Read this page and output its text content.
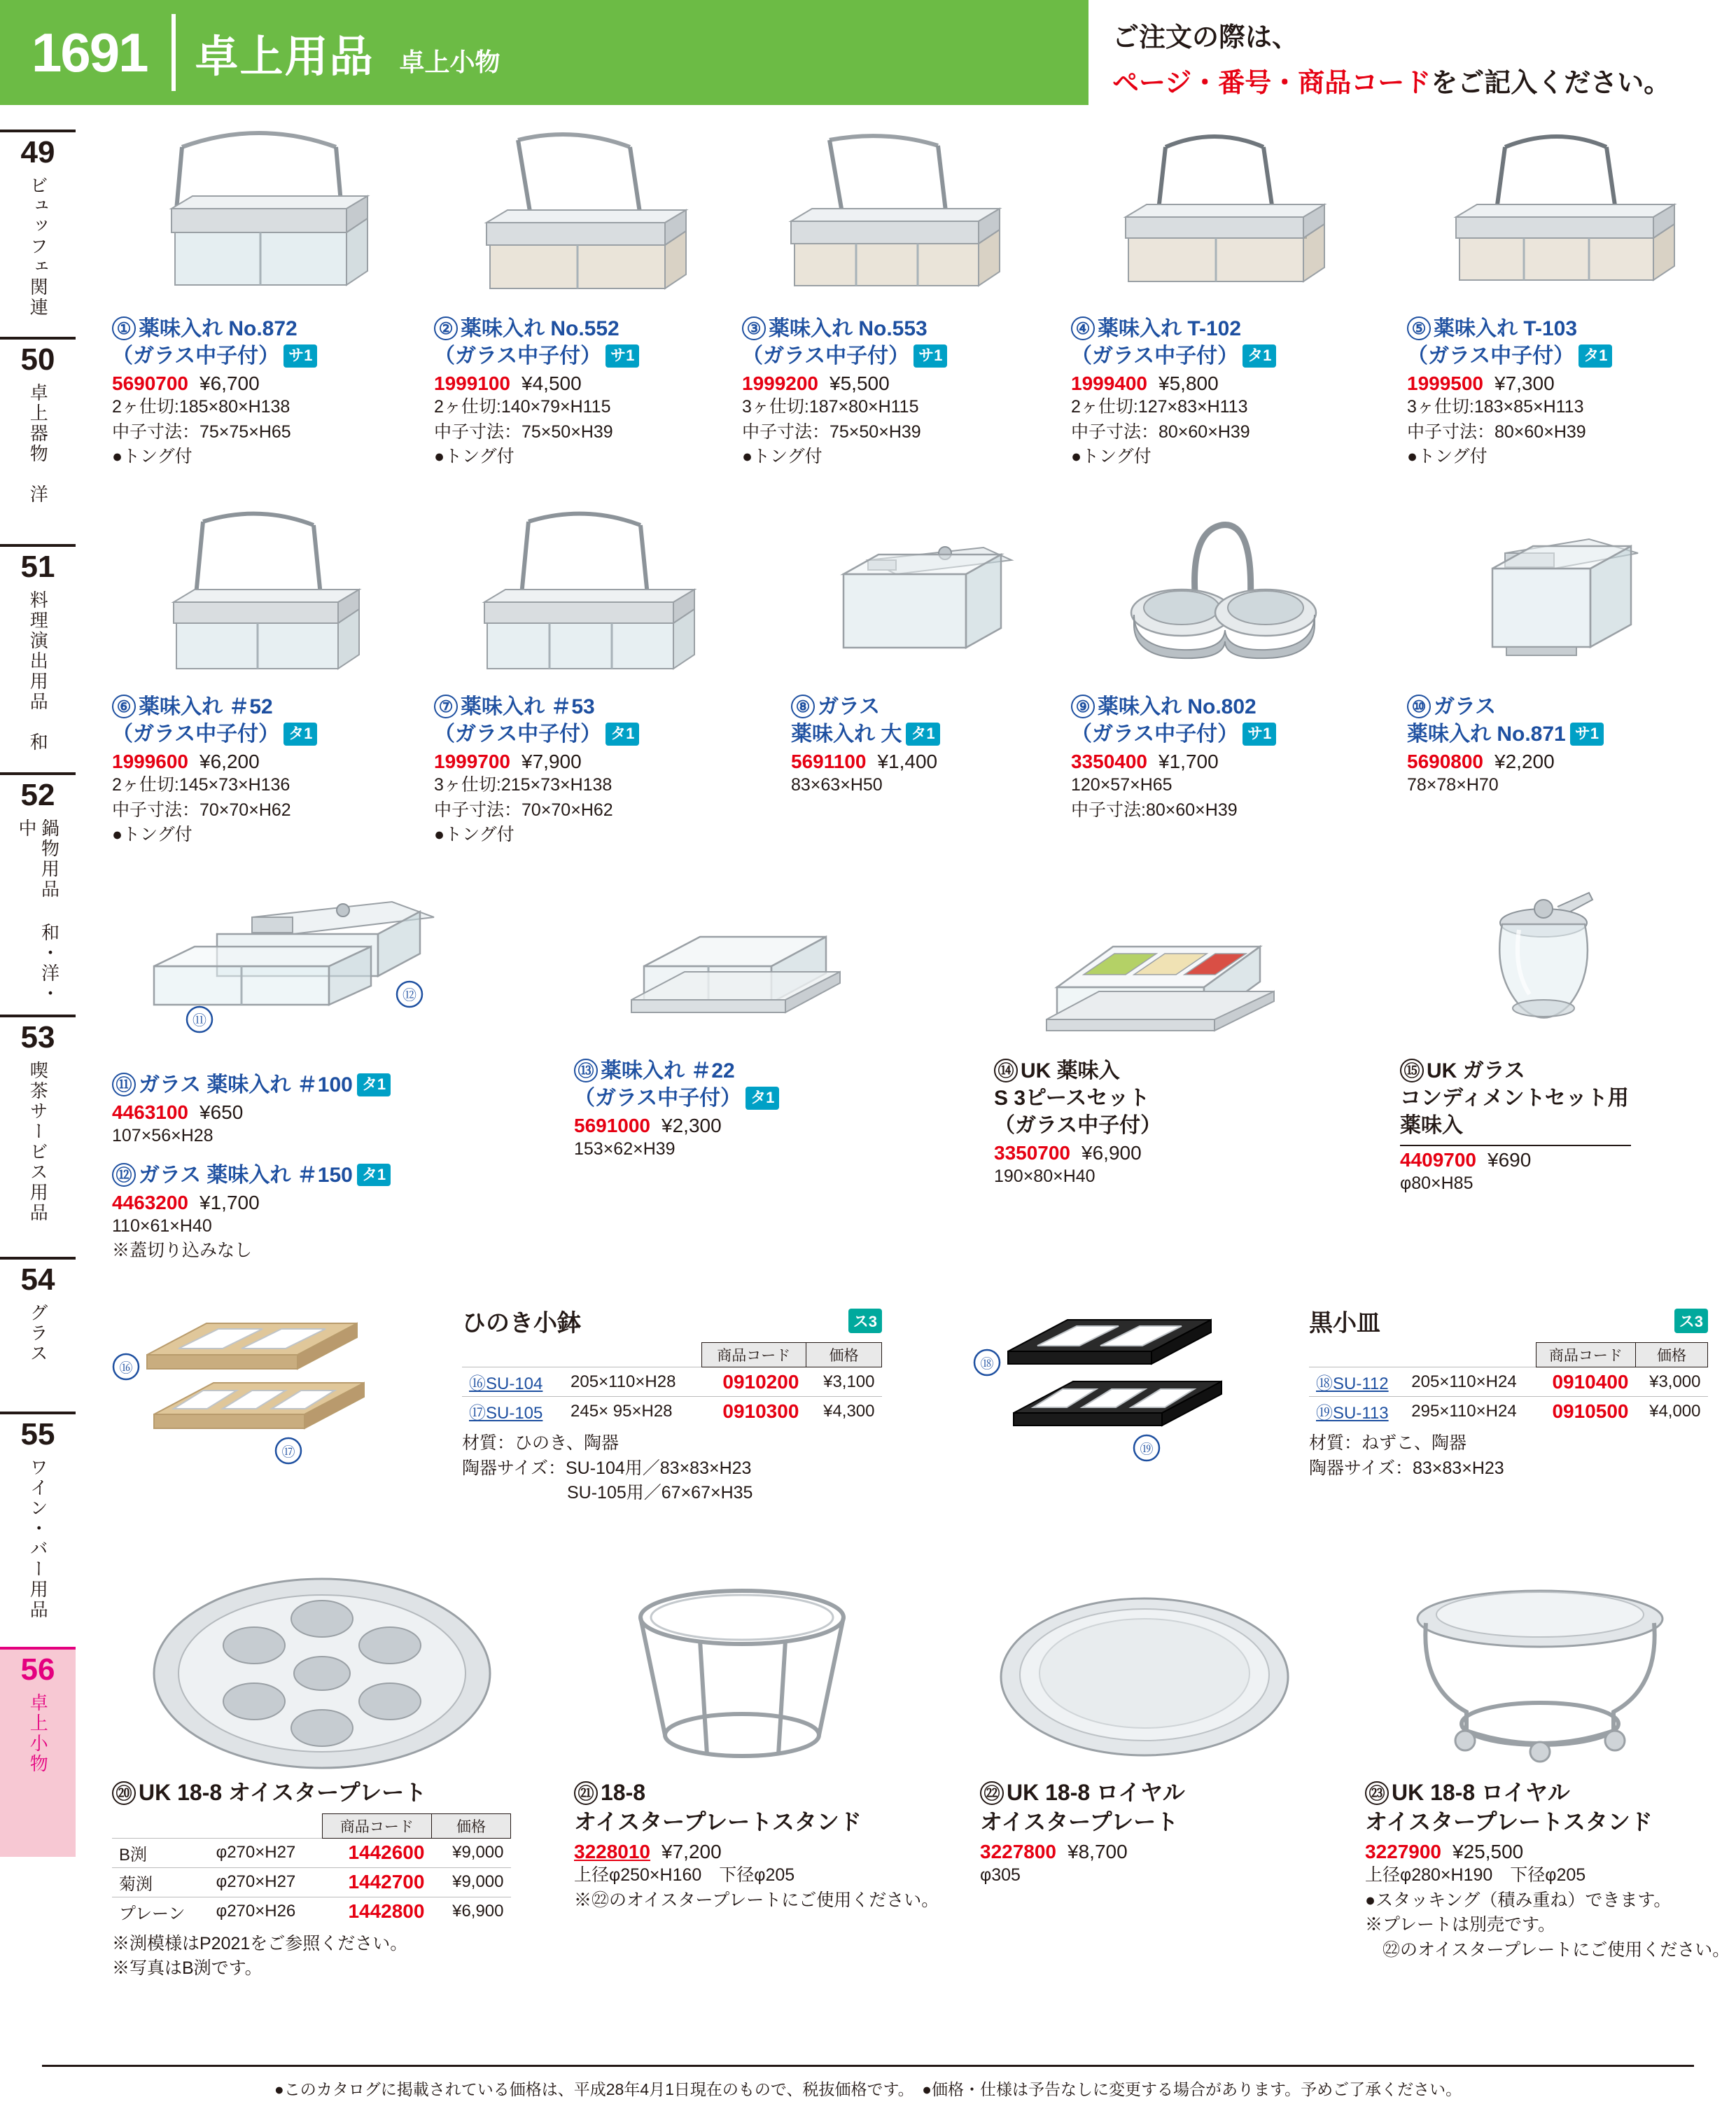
1691 卓上用品 卓上小物
ご注文の際は、
ページ・番号・商品コードをご記入ください。
49
ビュッフェ関連
50
卓上器物　洋
51
料理演出用品　和
52
鍋物用品 和・洋・中
53
喫茶サービス用品
54
グラス
55
ワイン・バー用品
56
卓上小物
① 薬味入れ No.872
（ガラス中子付） サ1
5690700 ¥6,700
2ヶ仕切:185×80×H138
中子寸法：75×75×H65
●トング付
② 薬味入れ No.552
（ガラス中子付） サ1
1999100 ¥4,500
2ヶ仕切:140×79×H115
中子寸法：75×50×H39
●トング付
③ 薬味入れ No.553
（ガラス中子付） サ1
1999200 ¥5,500
3ヶ仕切:187×80×H115
中子寸法：75×50×H39
●トング付
④ 薬味入れ T-102
（ガラス中子付） タ1
1999400 ¥5,800
2ヶ仕切:127×83×H113
中子寸法：80×60×H39
●トング付
⑤ 薬味入れ T-103
（ガラス中子付） タ1
1999500 ¥7,300
3ヶ仕切:183×85×H113
中子寸法：80×60×H39
●トング付
⑥ 薬味入れ ＃52
（ガラス中子付） タ1
1999600 ¥6,200
2ヶ仕切:145×73×H136
中子寸法：70×70×H62
●トング付
⑦ 薬味入れ ＃53
（ガラス中子付） タ1
1999700 ¥7,900
3ヶ仕切:215×73×H138
中子寸法：70×70×H62
●トング付
⑧ ガラス
薬味入れ 大 タ1
5691100 ¥1,400
83×63×H50
⑨ 薬味入れ No.802
（ガラス中子付） サ1
3350400 ¥1,700
120×57×H65
中子寸法:80×60×H39
⑩ ガラス
薬味入れ No.871 サ1
5690800 ¥2,200
78×78×H70
⑪
⑫
⑪ ガラス 薬味入れ ＃100 タ1
4463100 ¥650
107×56×H28
⑫ ガラス 薬味入れ ＃150 タ1
4463200 ¥1,700
110×61×H40
※蓋切り込みなし
⑬ 薬味入れ ＃22
（ガラス中子付） タ1
5691000 ¥2,300
153×62×H39
⑭ UK 薬味入
S 3ピースセット
（ガラス中子付）
3350700 ¥6,900
190×80×H40
⑮ UK ガラス
コンディメントセット用
薬味入
4409700 ¥690
φ80×H85
⑯
⑰
ひのき小鉢	ス3
		商品コード	価格
⑯SU-104	205×110×H28	0910200	¥3,100
⑰SU-105	245× 95×H28	0910300	¥4,300
材質：ひのき、陶器
陶器サイズ：SU-104用／83×83×H23
　　　　　　SU-105用／67×67×H35
⑱
⑲
黒小皿	ス3
		商品コード	価格
⑱SU-112	205×110×H24	0910400	¥3,000
⑲SU-113	295×110×H24	0910500	¥4,000
材質：ねずこ、陶器
陶器サイズ：83×83×H23
⑳ UK 18-8 オイスタープレート
		商品コード	価格
B渕	φ270×H27	1442600	¥9,000
菊渕	φ270×H27	1442700	¥9,000
プレーン	φ270×H26	1442800	¥6,900
※渕模様はP2021をご参照ください。
※写真はB渕です。
㉑ 18-8
オイスタープレートスタンド
3228010 ¥7,200
上径φ250×H160　下径φ205
※㉒のオイスタープレートにご使用ください。
㉒ UK 18-8 ロイヤル
オイスタープレート
3227800 ¥8,700
φ305
㉓ UK 18-8 ロイヤル
オイスタープレートスタンド
3227900 ¥25,500
上径φ280×H190　下径φ205
●スタッキング（積み重ね）できます。
※プレートは別売です。
　㉒のオイスタープレートにご使用ください。
●このカタログに掲載されている価格は、平成28年4月1日現在のもので、税抜価格です。　●価格・仕様は予告なしに変更する場合があります。予めご了承ください。
